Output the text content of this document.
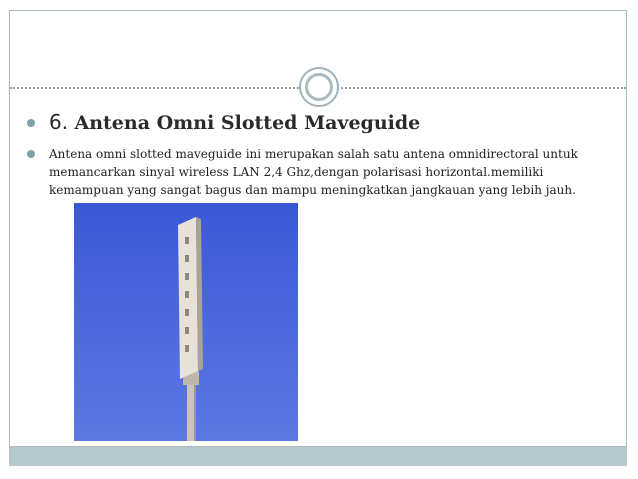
6. Antena Omni Slotted Maveguide
Antena omni slotted maveguide ini merupakan salah satu antena omnidirectoral untuk memancarkan sinyal wireless LAN 2,4 Ghz,dengan polarisasi horizontal.memiliki kemampuan yang sangat bagus dan mampu meningkatkan jangkauan yang lebih jauh.
